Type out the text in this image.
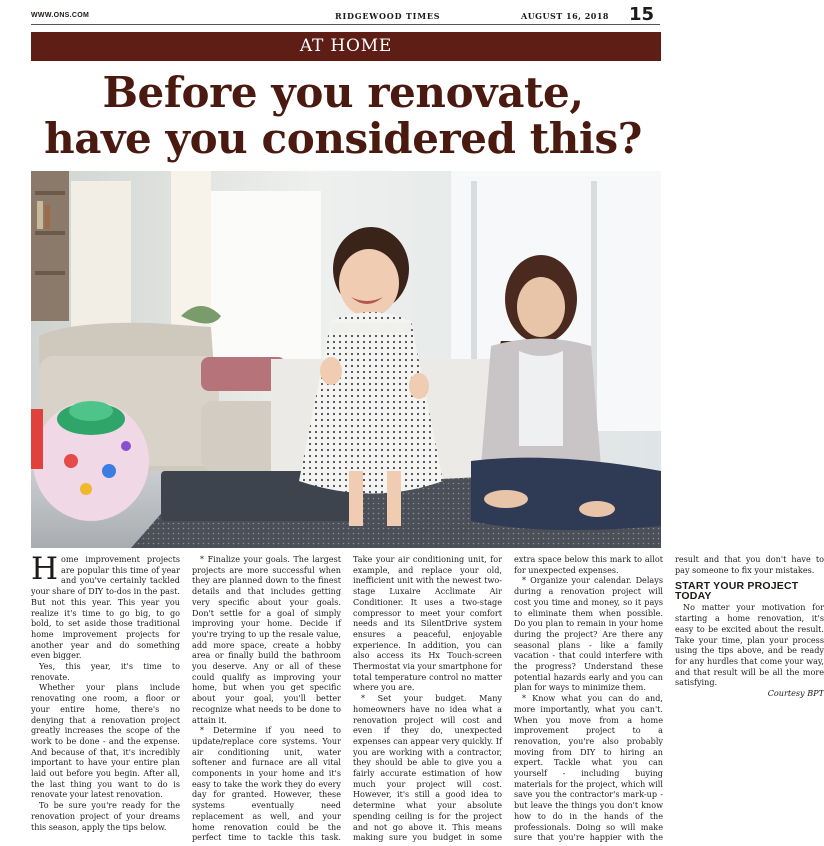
WWW.ONS.COM	RIDGEWOOD TIMES	AUGUST 16, 2018 15
AT HOME
Before you renovate,
have you considered this?

Home improvement projects are popular this time of year and you've certainly tackled your share of DIY to-dos in the past. But not this year. This year you realize it's time to go big, to go bold, to set aside those traditional home improvement projects for another year and do something even bigger.

Yes, this year, it's time to renovate.

Whether your plans include renovating one room, a floor or your entire home, there's no denying that a renovation project greatly increases the scope of the work to be done - and the expense. And because of that, it's incredibly important to have your entire plan laid out before you begin. After all, the last thing you want to do is renovate your latest renovation.

To be sure you're ready for the renovation project of your dreams this season, apply the tips below.

* Finalize your goals. The largest projects are more successful when they are planned down to the finest details and that includes getting very specific about your goals. Don't settle for a goal of simply improving your home. Decide if you're trying to up the resale value, add more space, create a hobby area or finally build the bathroom you deserve. Any or all of these could qualify as improving your home, but when you get specific about your goal, you'll better recognize what needs to be done to attain it.

* Determine if you need to update/replace core systems. Your air conditioning unit, water softener and furnace are all vital components in your home and it's easy to take the work they do every day for granted. However, these systems eventually need replacement as well, and your home renovation could be the perfect time to tackle this task. Take your air conditioning unit, for example, and replace your old, inefficient unit with the newest two-stage Luxaire Acclimate Air Conditioner. It uses a two-stage compressor to meet your comfort needs and its SilentDrive system ensures a peaceful, enjoyable experience. In addition, you can also access its Hx Touch-screen Thermostat via your smartphone for total temperature control no matter where you are.

* Set your budget. Many homeowners have no idea what a renovation project will cost and even if they do, unexpected expenses can appear very quickly. If you are working with a contractor, they should be able to give you a fairly accurate estimation of how much your project will cost. However, it's still a good idea to determine what your absolute spending ceiling is for the project and not go above it. This means making sure you budget in some extra space below this mark to allot for unexpected expenses.

* Organize your calendar. Delays during a renovation project will cost you time and money, so it pays to eliminate them when possible. Do you plan to remain in your home during the project? Are there any seasonal plans - like a family vacation - that could interfere with the progress? Understand these potential hazards early and you can plan for ways to minimize them.

* Know what you can do and, more importantly, what you can't. When you move from a home improvement project to a renovation, you're also probably moving from DIY to hiring an expert. Tackle what you can yourself - including buying materials for the project, which will save you the contractor's mark-up - but leave the things you don't know how to do in the hands of the professionals. Doing so will make sure that you're happier with the result and that you don't have to pay someone to fix your mistakes.

START YOUR PROJECT TODAY

No matter your motivation for starting a home renovation, it's easy to be excited about the result. Take your time, plan your process using the tips above, and be ready for any hurdles that come your way, and that result will be all the more satisfying.

Courtesy BPT
